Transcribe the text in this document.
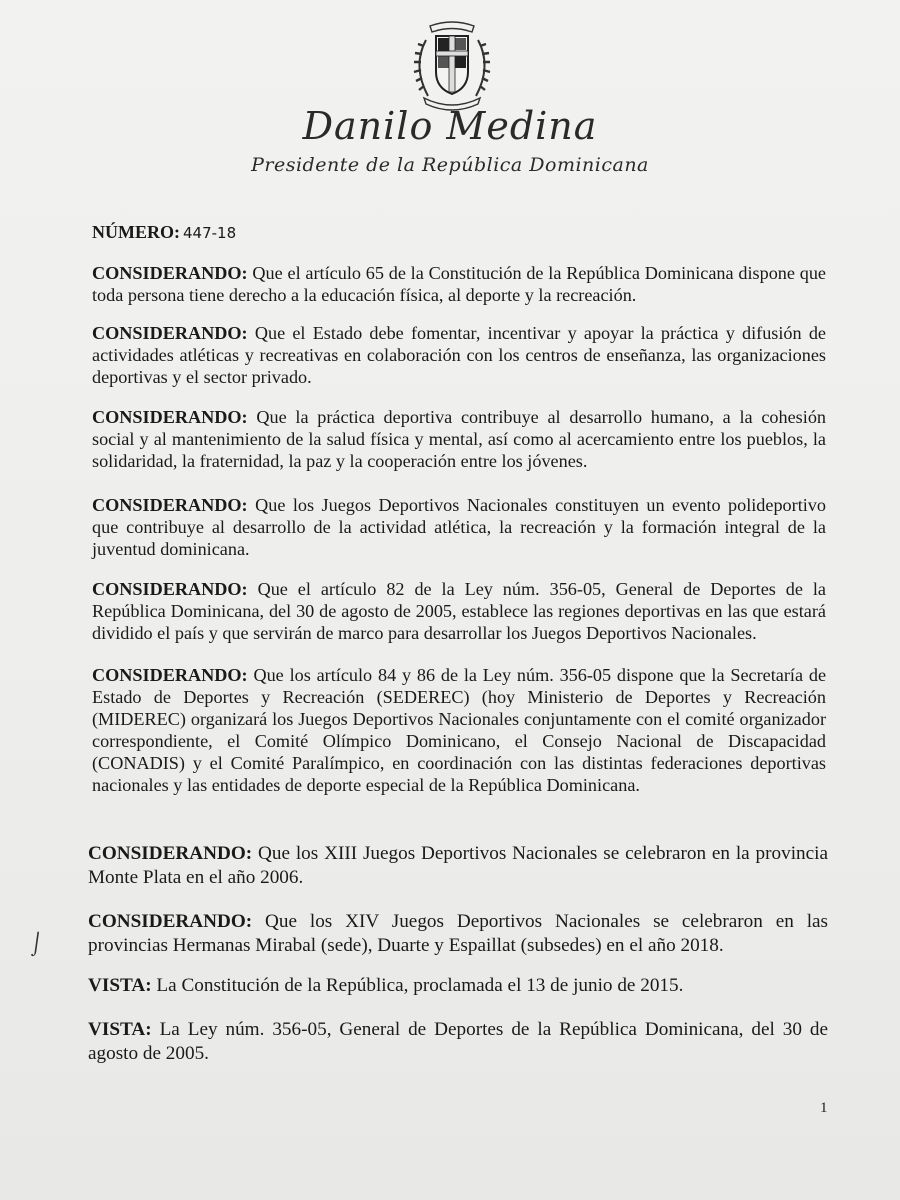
Danilo Medina
Presidente de la República Dominicana
NÚMERO: 447-18
CONSIDERANDO: Que el artículo 65 de la Constitución de la República Dominicana dispone que toda persona tiene derecho a la educación física, al deporte y la recreación.
CONSIDERANDO: Que el Estado debe fomentar, incentivar y apoyar la práctica y difusión de actividades atléticas y recreativas en colaboración con los centros de enseñanza, las organizaciones deportivas y el sector privado.
CONSIDERANDO: Que la práctica deportiva contribuye al desarrollo humano, a la cohesión social y al mantenimiento de la salud física y mental, así como al acercamiento entre los pueblos, la solidaridad, la fraternidad, la paz y la cooperación entre los jóvenes.
CONSIDERANDO: Que los Juegos Deportivos Nacionales constituyen un evento polideportivo que contribuye al desarrollo de la actividad atlética, la recreación y la formación integral de la juventud dominicana.
CONSIDERANDO: Que el artículo 82 de la Ley núm. 356-05, General de Deportes de la República Dominicana, del 30 de agosto de 2005, establece las regiones deportivas en las que estará dividido el país y que servirán de marco para desarrollar los Juegos Deportivos Nacionales.
CONSIDERANDO: Que los artículo 84 y 86 de la Ley núm. 356-05 dispone que la Secretaría de Estado de Deportes y Recreación (SEDEREC) (hoy Ministerio de Deportes y Recreación (MIDEREC) organizará los Juegos Deportivos Nacionales conjuntamente con el comité organizador correspondiente, el Comité Olímpico Dominicano, el Consejo Nacional de Discapacidad (CONADIS) y el Comité Paralímpico, en coordinación con las distintas federaciones deportivas nacionales y las entidades de deporte especial de la República Dominicana.
CONSIDERANDO: Que los XIII Juegos Deportivos Nacionales se celebraron en la provincia Monte Plata en el año 2006.
CONSIDERANDO: Que los XIV Juegos Deportivos Nacionales se celebraron en las provincias Hermanas Mirabal (sede), Duarte y Espaillat (subsedes) en el año 2018.
VISTA: La Constitución de la República, proclamada el 13 de junio de 2015.
VISTA: La Ley núm. 356-05, General de Deportes de la República Dominicana, del 30 de agosto de 2005.
⌡
1
